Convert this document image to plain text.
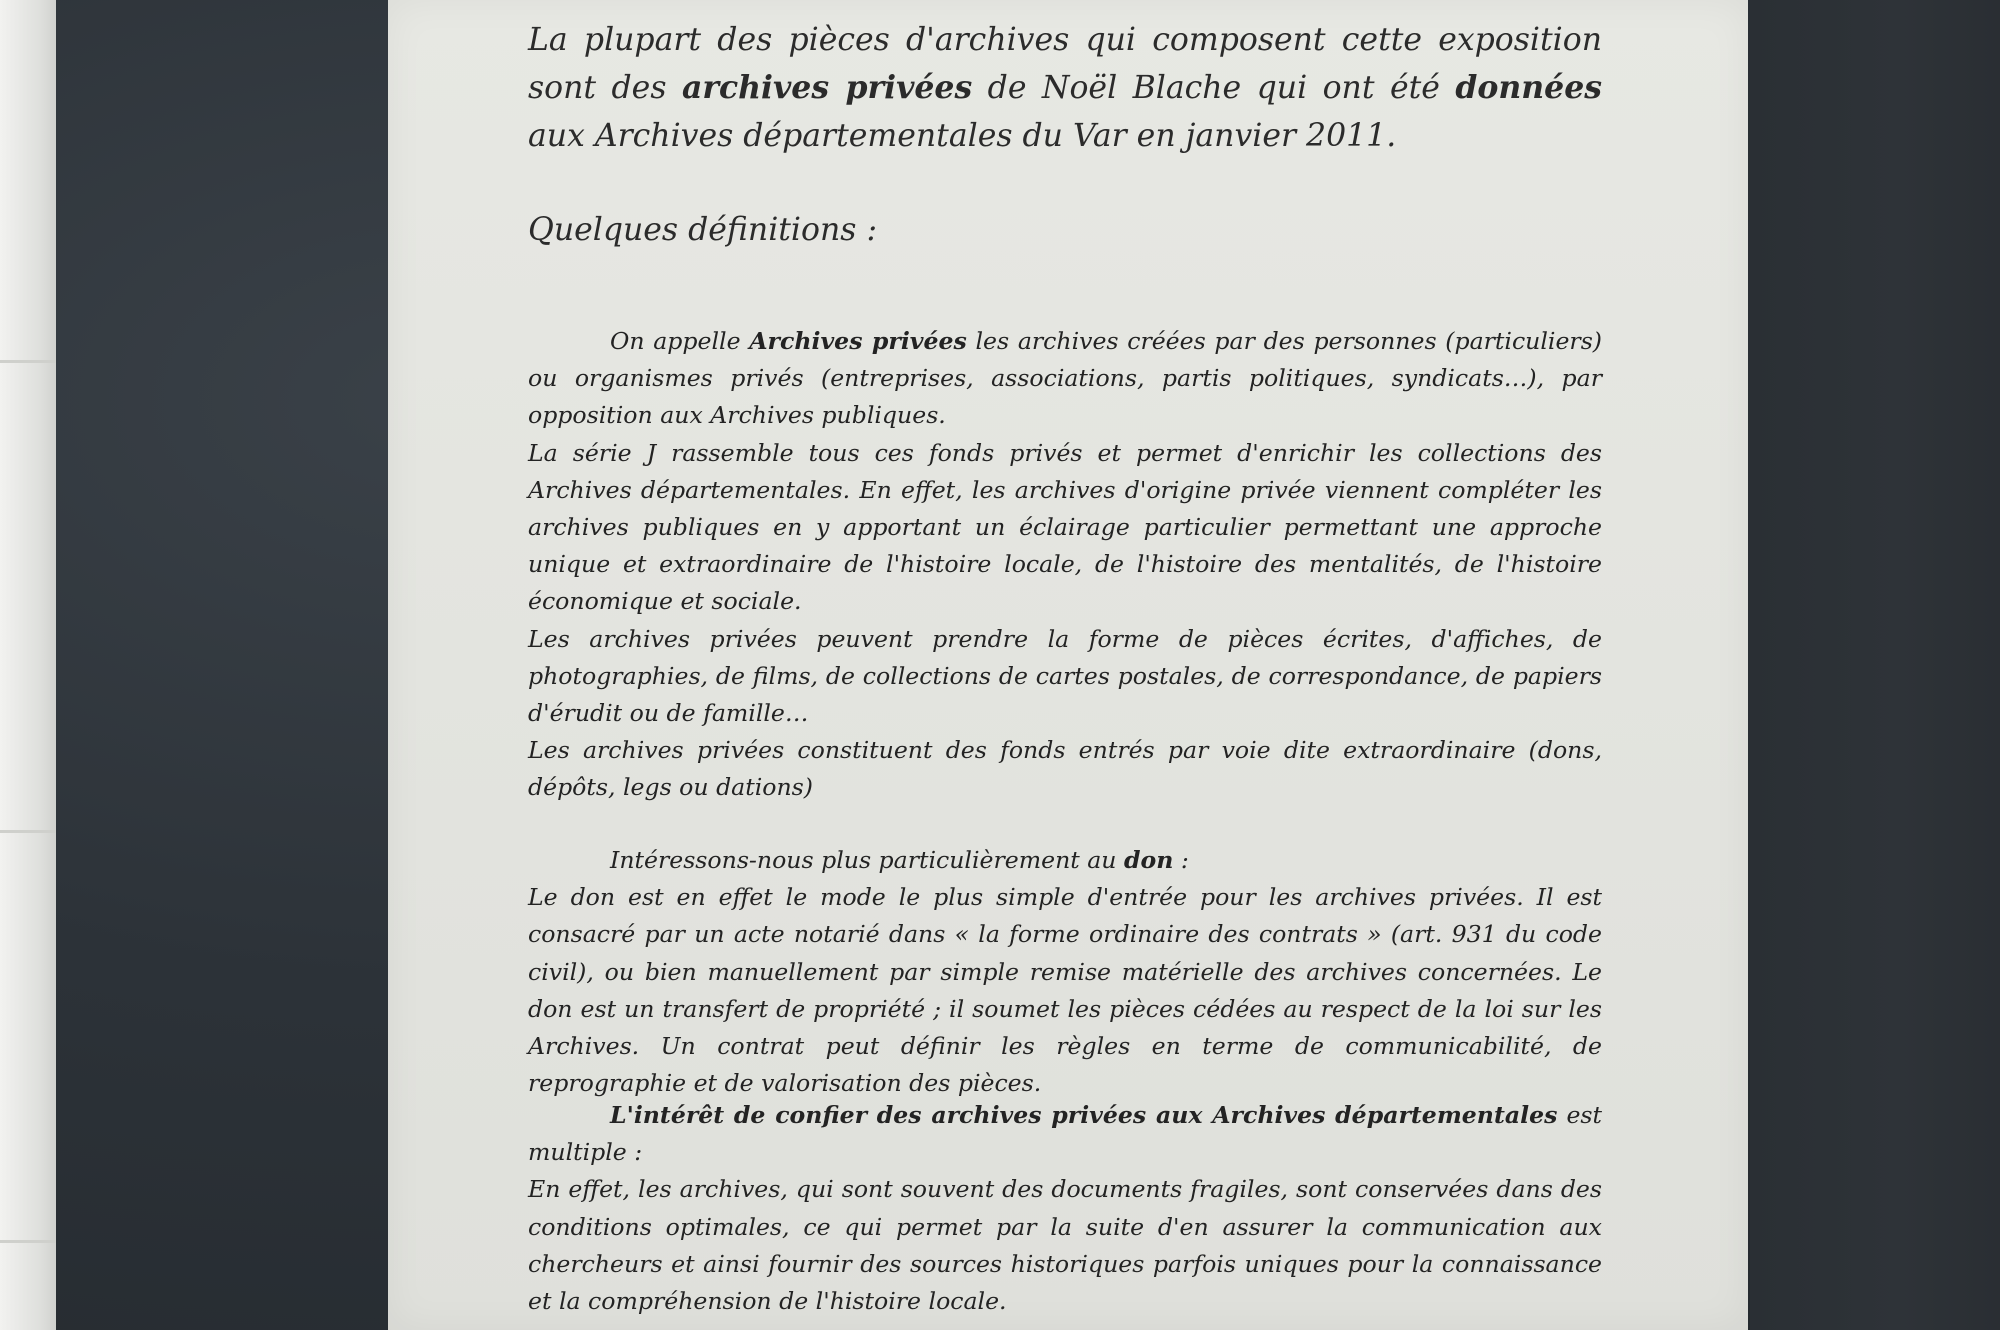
La plupart des pièces d'archives qui composent cette exposition sont des archives privées de Noël Blache qui ont été données aux Archives départementales du Var en janvier 2011.
Quelques définitions :

On appelle Archives privées les archives créées par des personnes (particuliers) ou organismes privés (entreprises, associations, partis politiques, syndicats…), par opposition aux Archives publiques.

La série J rassemble tous ces fonds privés et permet d'enrichir les collections des Archives départementales. En effet, les archives d'origine privée viennent compléter les archives publiques en y apportant un éclairage particulier permettant une approche unique et extraordinaire de l'histoire locale, de l'histoire des mentalités, de l'histoire économique et sociale.

Les archives privées peuvent prendre la forme de pièces écrites, d'affiches, de photographies, de films, de collections de cartes postales, de correspondance, de papiers d'érudit ou de famille…

Les archives privées constituent des fonds entrés par voie dite extraordinaire (dons, dépôts, legs ou dations)

Intéressons-nous plus particulièrement au don :

Le don est en effet le mode le plus simple d'entrée pour les archives privées. Il est consacré par un acte notarié dans « la forme ordinaire des contrats » (art. 931 du code civil), ou bien manuellement par simple remise matérielle des archives concernées. Le don est un transfert de propriété ; il soumet les pièces cédées au respect de la loi sur les Archives. Un contrat peut définir les règles en terme de communicabilité, de reprographie et de valorisation des pièces.

L'intérêt de confier des archives privées aux Archives départementales est multiple :

En effet, les archives, qui sont souvent des documents fragiles, sont conservées dans des conditions optimales, ce qui permet par la suite d'en assurer la communication aux chercheurs et ainsi fournir des sources historiques parfois uniques pour la connaissance et la compréhension de l'histoire locale.
